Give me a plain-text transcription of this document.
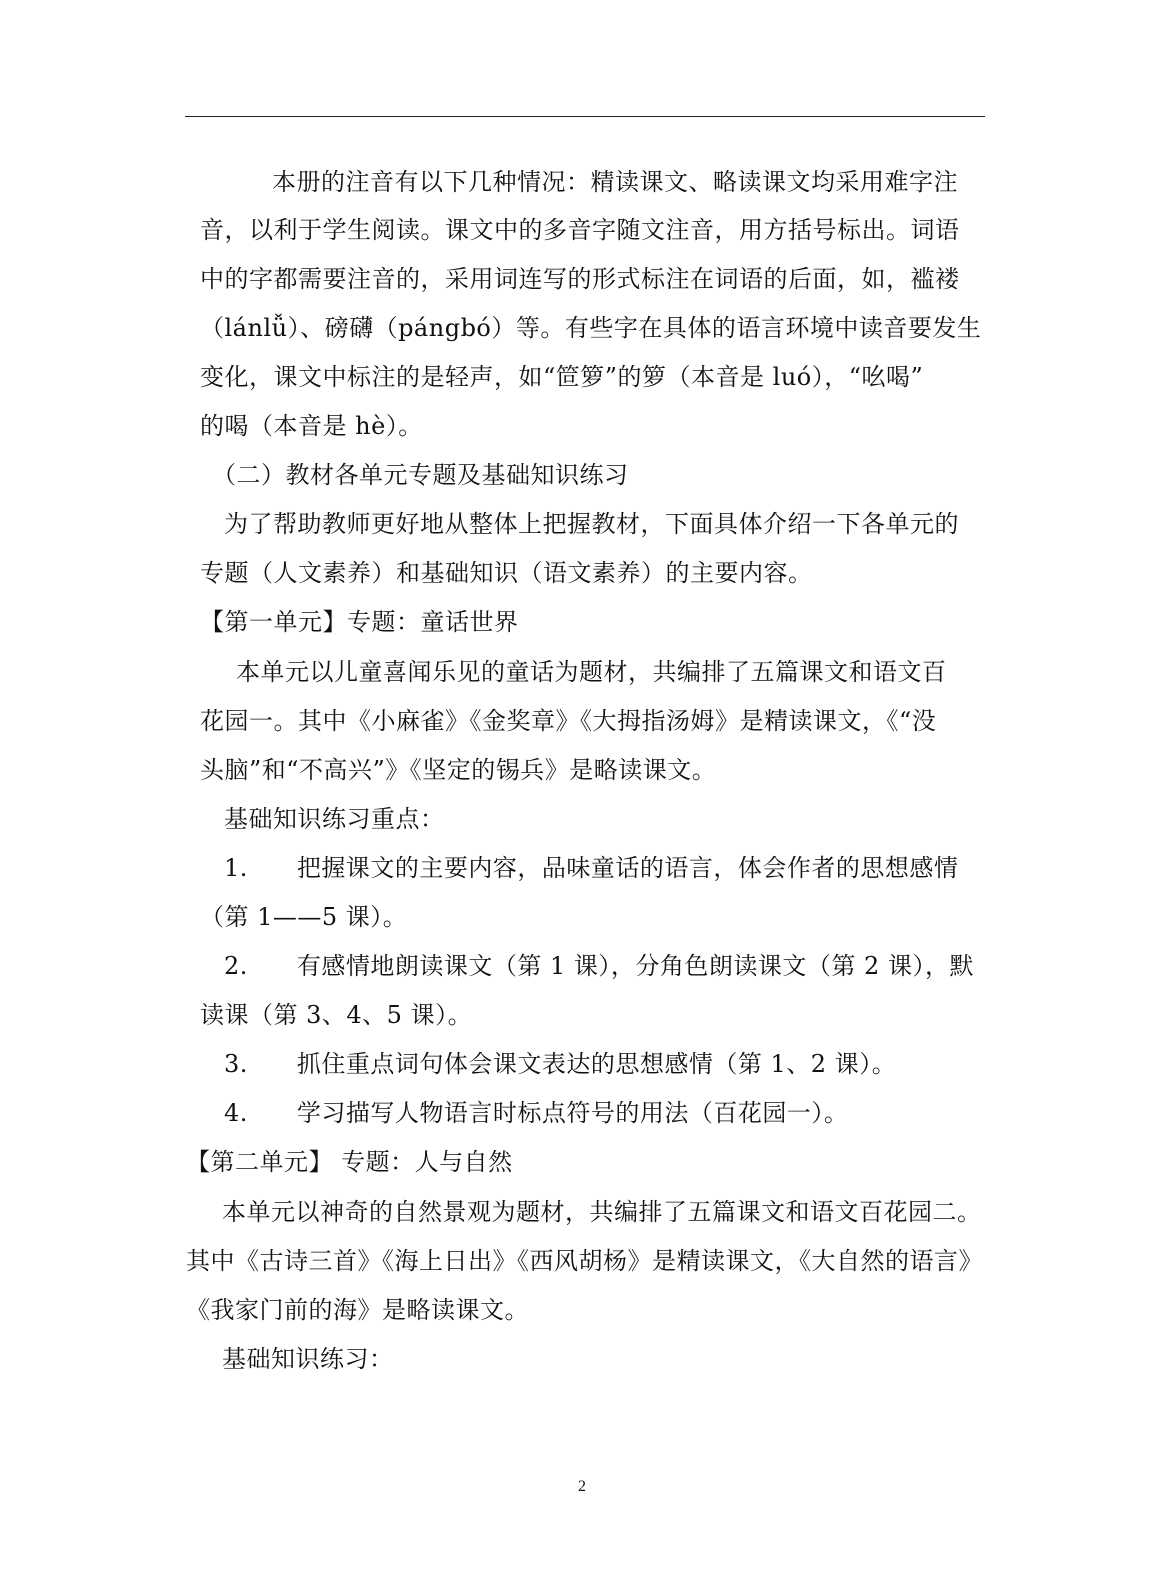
本册的注音有以下几种情况：精读课文、略读课文均采用难字注
音，以利于学生阅读。课文中的多音字随文注音，用方括号标出。词语
中的字都需要注音的，采用词连写的形式标注在词语的后面，如，褴褛
（lánlǚ）、磅礴（pángbó）等。有些字在具体的语言环境中读音要发生
变化，课文中标注的是轻声，如“笸箩”的箩（本音是 luó），“吆喝”
的喝（本音是 hè）。
（二）教材各单元专题及基础知识练习
为了帮助教师更好地从整体上把握教材，下面具体介绍一下各单元的
专题（人文素养）和基础知识（语文素养）的主要内容。
【第一单元】专题：童话世界
本单元以儿童喜闻乐见的童话为题材，共编排了五篇课文和语文百
花园一。其中《小麻雀》《金奖章》《大拇指汤姆》是精读课文，《“没
头脑”和“不高兴”》《坚定的锡兵》是略读课文。
基础知识练习重点：
1.　　把握课文的主要内容，品味童话的语言，体会作者的思想感情
（第 1——5 课）。
2.　　有感情地朗读课文（第 1 课），分角色朗读课文（第 2 课），默
读课（第 3、4、5 课）。
3.　　抓住重点词句体会课文表达的思想感情（第 1、2 课）。
4.　　学习描写人物语言时标点符号的用法（百花园一）。
【第二单元】 专题：人与自然
本单元以神奇的自然景观为题材，共编排了五篇课文和语文百花园二。
其中《古诗三首》《海上日出》《西风胡杨》是精读课文，《大自然的语言》
《我家门前的海》是略读课文。
基础知识练习：
2
